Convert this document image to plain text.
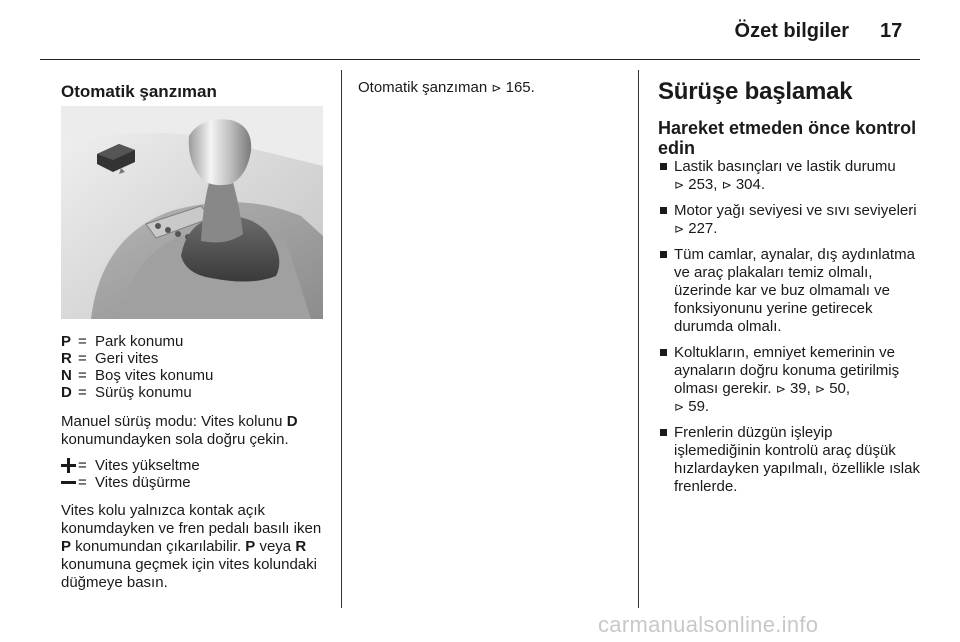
Özet bilgiler 17
Otomatik şanzıman
P = Park konumu
R = Geri vites
N = Boş vites konumu
D = Sürüş konumu
Manuel sürüş modu: Vites kolunu D konumundayken sola doğru çekin.
= Vites yükseltme
= Vites düşürme
Vites kolu yalnızca kontak açık konumdayken ve fren pedalı basılı iken P konumundan çıkarılabilir. P veya R konumuna geçmek için vites kolundaki düğmeye basın.
Otomatik şanzıman ⊳ 165.	Sürüşe başlamak
Hareket etmeden önce kontrol edin
Lastik basınçları ve lastik durumu
⊳ 253, ⊳ 304.
Motor yağı seviyesi ve sıvı seviyeleri ⊳ 227.
Tüm camlar, aynalar, dış aydınlatma ve araç plakaları temiz olmalı, üzerinde kar ve buz olmamalı ve fonksiyonunu yerine getirecek durumda olmalı.
Koltukların, emniyet kemerinin ve aynaların doğru konuma getirilmiş olması gerekir. ⊳ 39, ⊳ 50,
⊳ 59.
Frenlerin düzgün işleyip işlemediğinin kontrolü araç düşük hızlardayken yapılmalı, özellikle ıslak frenlerde.
carmanualsonline.info
